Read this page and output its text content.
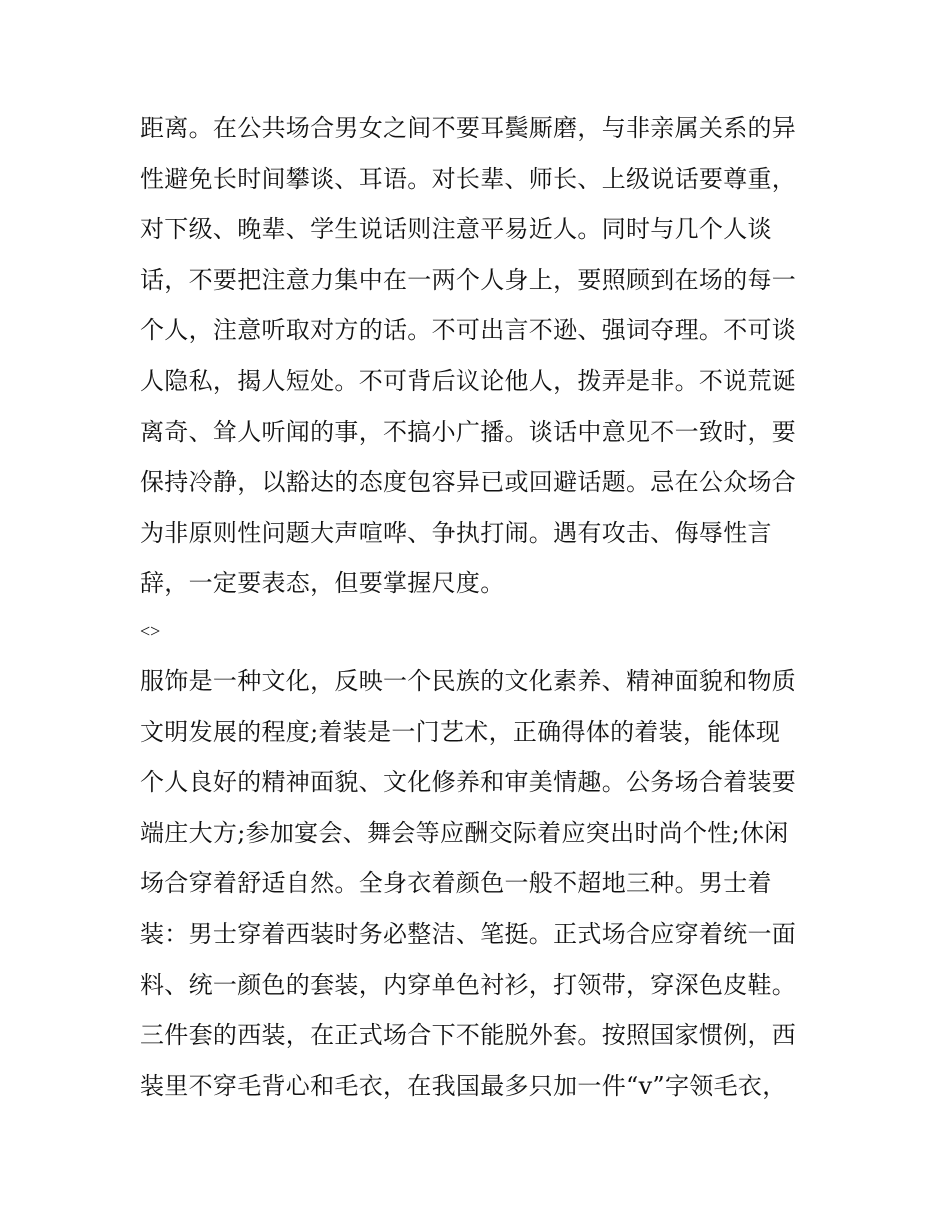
距离。在公共场合男女之间不要耳鬓厮磨，与非亲属关系的异
性避免长时间攀谈、耳语。对长辈、师长、上级说话要尊重，
对下级、晚辈、学生说话则注意平易近人。同时与几个人谈
话，不要把注意力集中在一两个人身上，要照顾到在场的每一
个人，注意听取对方的话。不可出言不逊、强词夺理。不可谈
人隐私，揭人短处。不可背后议论他人，拨弄是非。不说荒诞
离奇、耸人听闻的事，不搞小广播。谈话中意见不一致时，要
保持冷静，以豁达的态度包容异已或回避话题。忌在公众场合
为非原则性问题大声喧哗、争执打闹。遇有攻击、侮辱性言
辞，一定要表态，但要掌握尺度。
<>
服饰是一种文化，反映一个民族的文化素养、精神面貌和物质
文明发展的程度;着装是一门艺术，正确得体的着装，能体现
个人良好的精神面貌、文化修养和审美情趣。公务场合着装要
端庄大方;参加宴会、舞会等应酬交际着应突出时尚个性;休闲
场合穿着舒适自然。全身衣着颜色一般不超地三种。男士着
装：男士穿着西装时务必整洁、笔挺。正式场合应穿着统一面
料、统一颜色的套装，内穿单色衬衫，打领带，穿深色皮鞋。
三件套的西装，在正式场合下不能脱外套。按照国家惯例，西
装里不穿毛背心和毛衣，在我国最多只加一件“v”字领毛衣，
